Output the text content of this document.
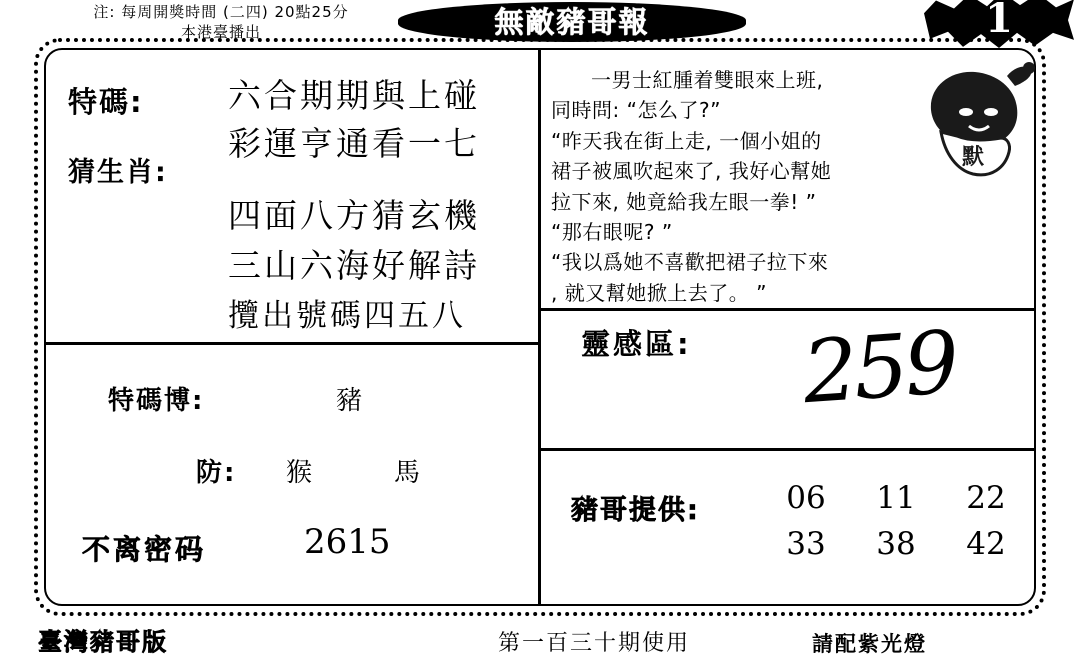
注: 每周開獎時間 (二四) 20點25分
本港臺播出	無敵豬哥報	1
特碼:
猜生肖:
六合期期與上碰
彩運亨通看一七
四面八方猜玄機
三山六海好解詩
攬出號碼四五八
特碼博:	豬
防: 猴	馬
不离密码	2615
默

一男士紅腫着雙眼來上班,

同時問: “怎么了?”

“昨天我在街上走, 一個小姐的

裙子被風吹起來了, 我好心幫她

拉下來, 她竟給我左眼一拳! ”

“那右眼呢? ”

“我以爲她不喜歡把裙子拉下來

, 就又幫她掀上去了。 ”

靈感區: 259
豬哥提供:	06	11	22
33	38	42
臺灣豬哥版	第一百三十期使用	請配紫光燈
